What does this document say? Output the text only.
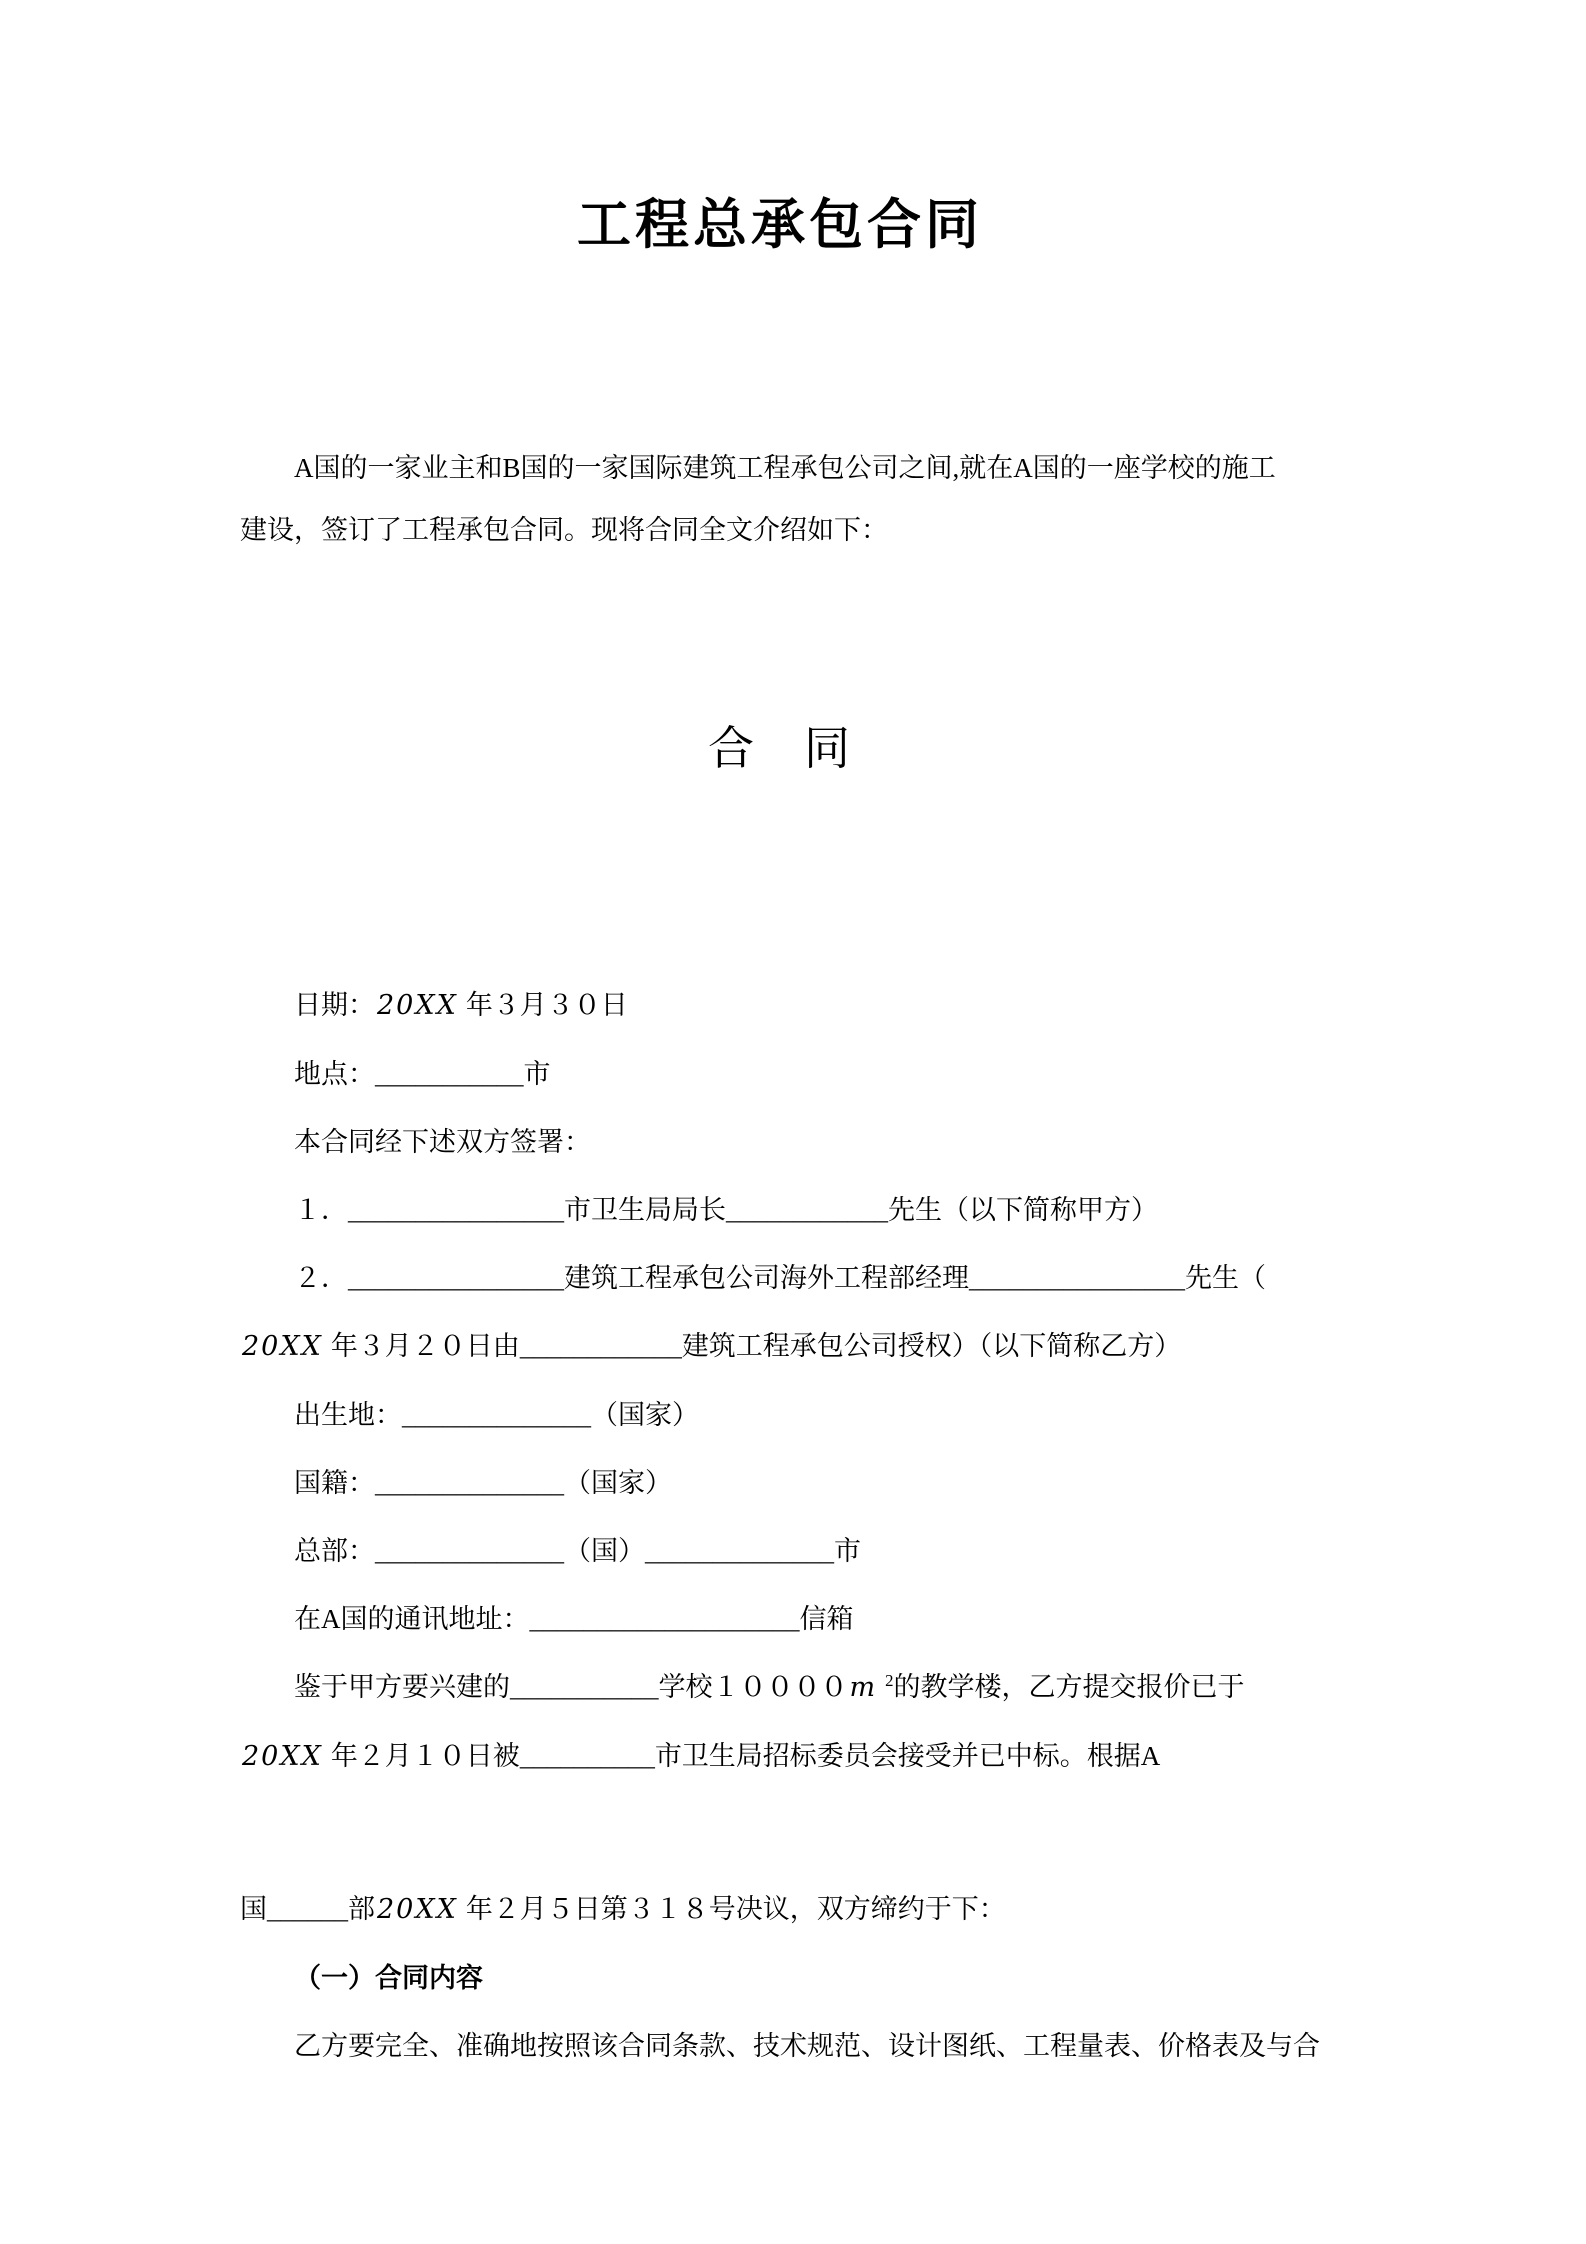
工程总承包合同
A国的一家业主和B国的一家国际建筑工程承包公司之间,就在A国的一座学校的施工
建设，签订了工程承包合同。现将合同全文介绍如下：
合　同
日期：20XX 年３月３０日
地点：___________市
本合同经下述双方签署：
１．________________市卫生局局长____________先生（以下简称甲方）
２．________________建筑工程承包公司海外工程部经理________________先生（
20XX 年３月２０日由____________建筑工程承包公司授权）（以下简称乙方）
出生地：______________（国家）
国籍：______________（国家）
总部：______________（国）______________市
在A国的通讯地址：____________________信箱
鉴于甲方要兴建的___________学校１００００m $^2$的教学楼，乙方提交报价已于
20XX 年２月１０日被__________市卫生局招标委员会接受并已中标。根据A
国______部20XX 年２月５日第３１８号决议，双方缔约于下：
（一）合同内容
乙方要完全、准确地按照该合同条款、技术规范、设计图纸、工程量表、价格表及与合
